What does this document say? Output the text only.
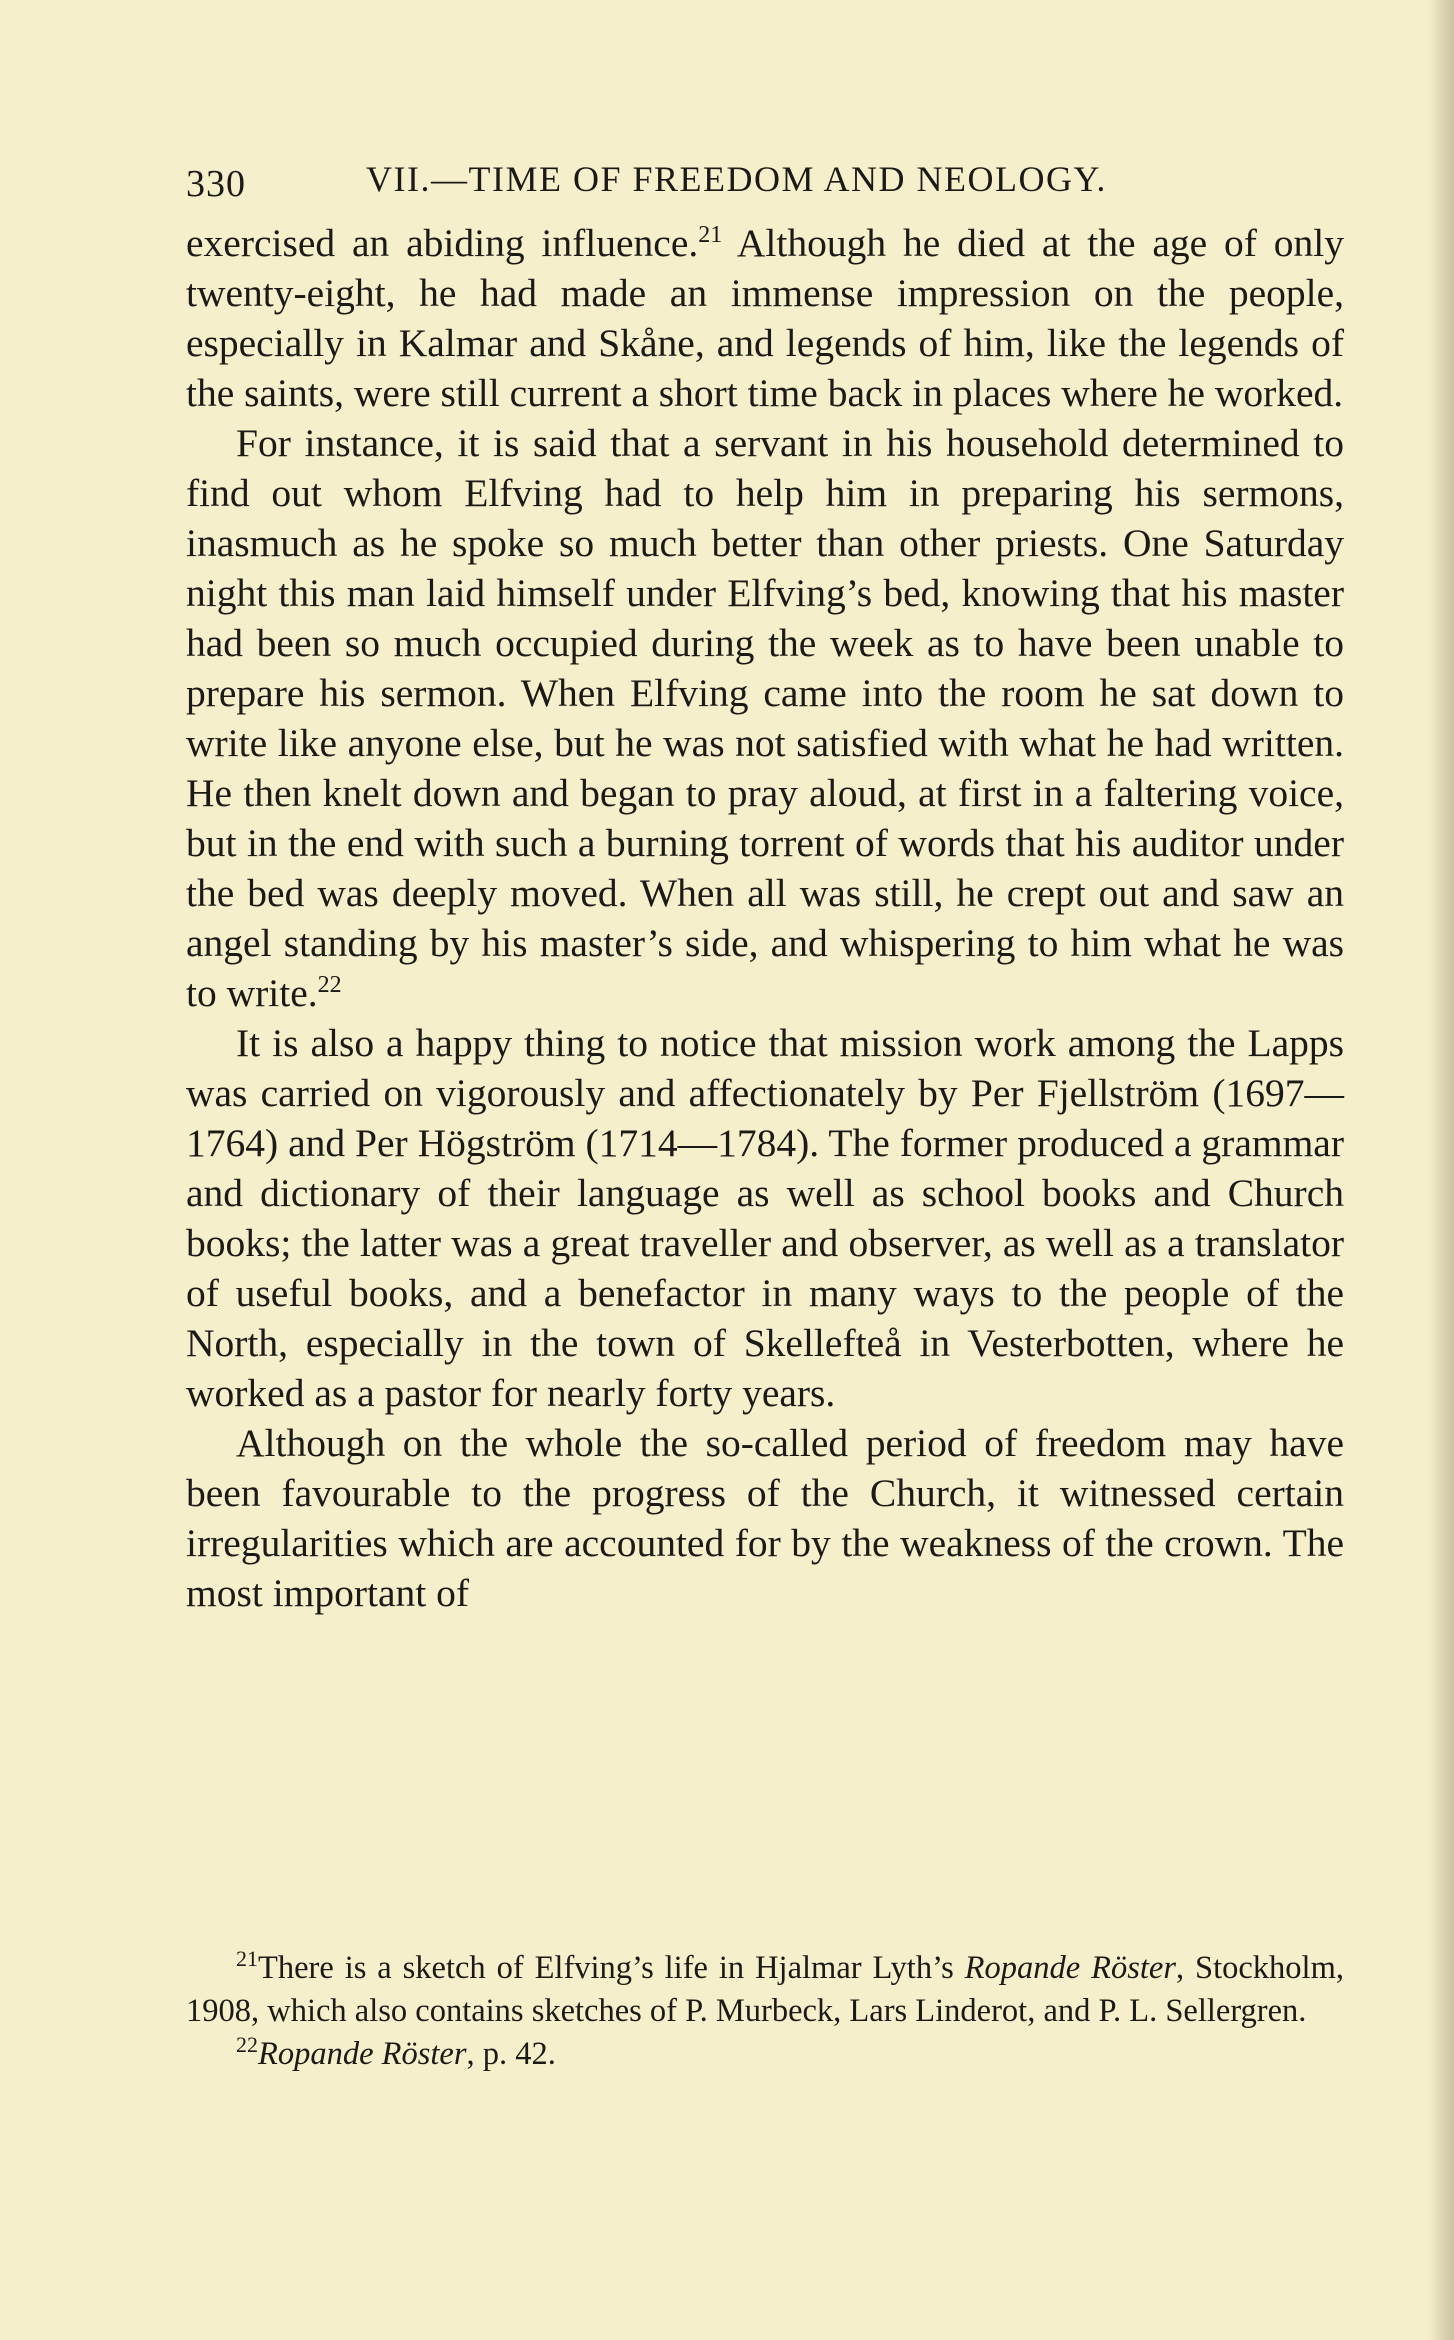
330	VII.—TIME OF FREEDOM AND NEOLOGY.

exercised an abiding influence.$^{21}$ Although he died at the age of only twenty-eight, he had made an immense impression on the people, especially in Kalmar and Skåne, and legends of him, like the legends of the saints, were still current a short time back in places where he worked.

For instance, it is said that a servant in his household determined to find out whom Elfving had to help him in preparing his sermons, inasmuch as he spoke so much better than other priests. One Saturday night this man laid himself under Elfving’s bed, knowing that his master had been so much occupied during the week as to have been unable to prepare his sermon. When Elfving came into the room he sat down to write like anyone else, but he was not satisfied with what he had written. He then knelt down and began to pray aloud, at first in a faltering voice, but in the end with such a burning torrent of words that his auditor under the bed was deeply moved. When all was still, he crept out and saw an angel standing by his master’s side, and whispering to him what he was to write.$^{22}$

It is also a happy thing to notice that mission work among the Lapps was carried on vigorously and affectionately by Per Fjellström (1697—1764) and Per Högström (1714—1784). The former produced a grammar and dictionary of their language as well as school books and Church books; the latter was a great traveller and observer, as well as a translator of useful books, and a benefactor in many ways to the people of the North, especially in the town of Skellefteå in Vesterbotten, where he worked as a pastor for nearly forty years.

Although on the whole the so-called period of freedom may have been favourable to the progress of the Church, it witnessed certain irregularities which are accounted for by the weakness of the crown. The most important of

$^{21}$There is a sketch of Elfving’s life in Hjalmar Lyth’s Ropande Röster, Stockholm, 1908, which also contains sketches of P. Murbeck, Lars Linderot, and P. L. Sellergren.

$^{22}$Ropande Röster, p. 42.
